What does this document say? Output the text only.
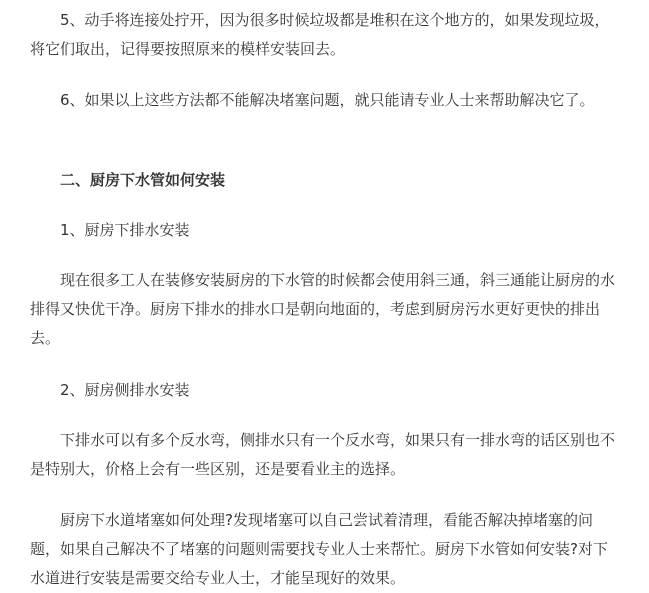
5、动手将连接处拧开，因为很多时候垃圾都是堆积在这个地方的，如果发现垃圾，将它们取出，记得要按照原来的模样安装回去。

6、如果以上这些方法都不能解决堵塞问题，就只能请专业人士来帮助解决它了。

二、厨房下水管如何安装

1、厨房下排水安装

现在很多工人在装修安装厨房的下水管的时候都会使用斜三通，斜三通能让厨房的水排得又快优干净。厨房下排水的排水口是朝向地面的，考虑到厨房污水更好更快的排出去。

2、厨房侧排水安装

下排水可以有多个反水弯，侧排水只有一个反水弯，如果只有一排水弯的话区别也不是特别大，价格上会有一些区别，还是要看业主的选择。

厨房下水道堵塞如何处理?发现堵塞可以自己尝试着清理，看能否解决掉堵塞的问题，如果自己解决不了堵塞的问题则需要找专业人士来帮忙。厨房下水管如何安装?对下水道进行安装是需要交给专业人士，才能呈现好的效果。
